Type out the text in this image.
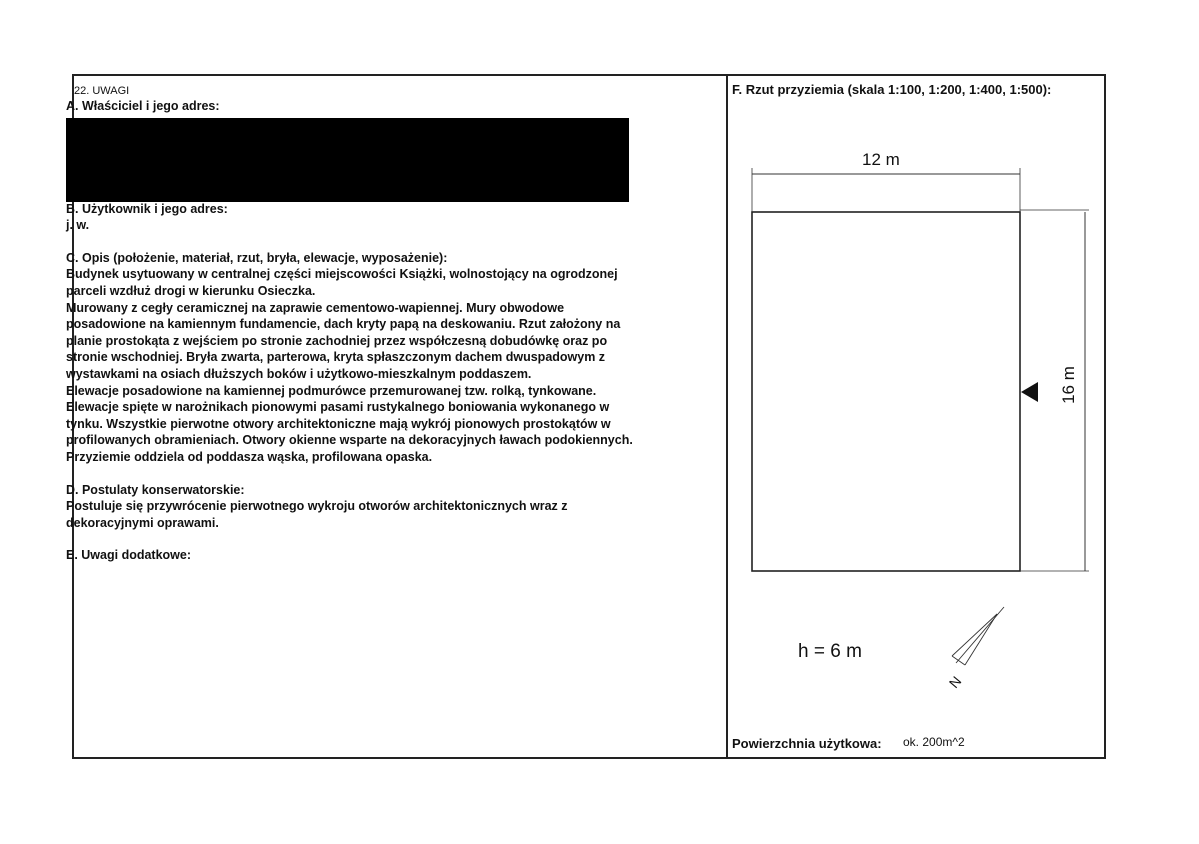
22. UWAGI
A. Właściciel i jego adres:
B. Użytkownik i jego adres:
j. w.
C. Opis (położenie, materiał, rzut, bryła, elewacje, wyposażenie):
Budynek usytuowany w centralnej części miejscowości Książki, wolnostojący na ogrodzonej
parceli wzdłuż drogi w kierunku Osieczka.
Murowany z cegły ceramicznej na zaprawie cementowo-wapiennej. Mury obwodowe
posadowione na kamiennym fundamencie, dach kryty papą na deskowaniu. Rzut założony na
planie prostokąta z wejściem po stronie zachodniej przez współczesną dobudówkę oraz po
stronie wschodniej. Bryła zwarta, parterowa, kryta spłaszczonym dachem dwuspadowym z
wystawkami na osiach dłuższych boków i użytkowo-mieszkalnym poddaszem.
Elewacje posadowione na kamiennej podmurówce przemurowanej tzw. rolką, tynkowane.
Elewacje spięte w narożnikach pionowymi pasami rustykalnego boniowania wykonanego w
tynku. Wszystkie pierwotne otwory architektoniczne mają wykrój pionowych prostokątów w
profilowanych obramieniach. Otwory okienne wsparte na dekoracyjnych ławach podokiennych.
Przyziemie oddziela od poddasza wąska, profilowana opaska.
D. Postulaty konserwatorskie:
Postuluje się przywrócenie pierwotnego wykroju otworów architektonicznych wraz z
dekoracyjnymi oprawami.
E. Uwagi dodatkowe:
F. Rzut przyziemia (skala 1:100, 1:200, 1:400, 1:500):
12 m
16 m
h = 6 m
N
Powierzchnia użytkowa: ok. 200m^2
